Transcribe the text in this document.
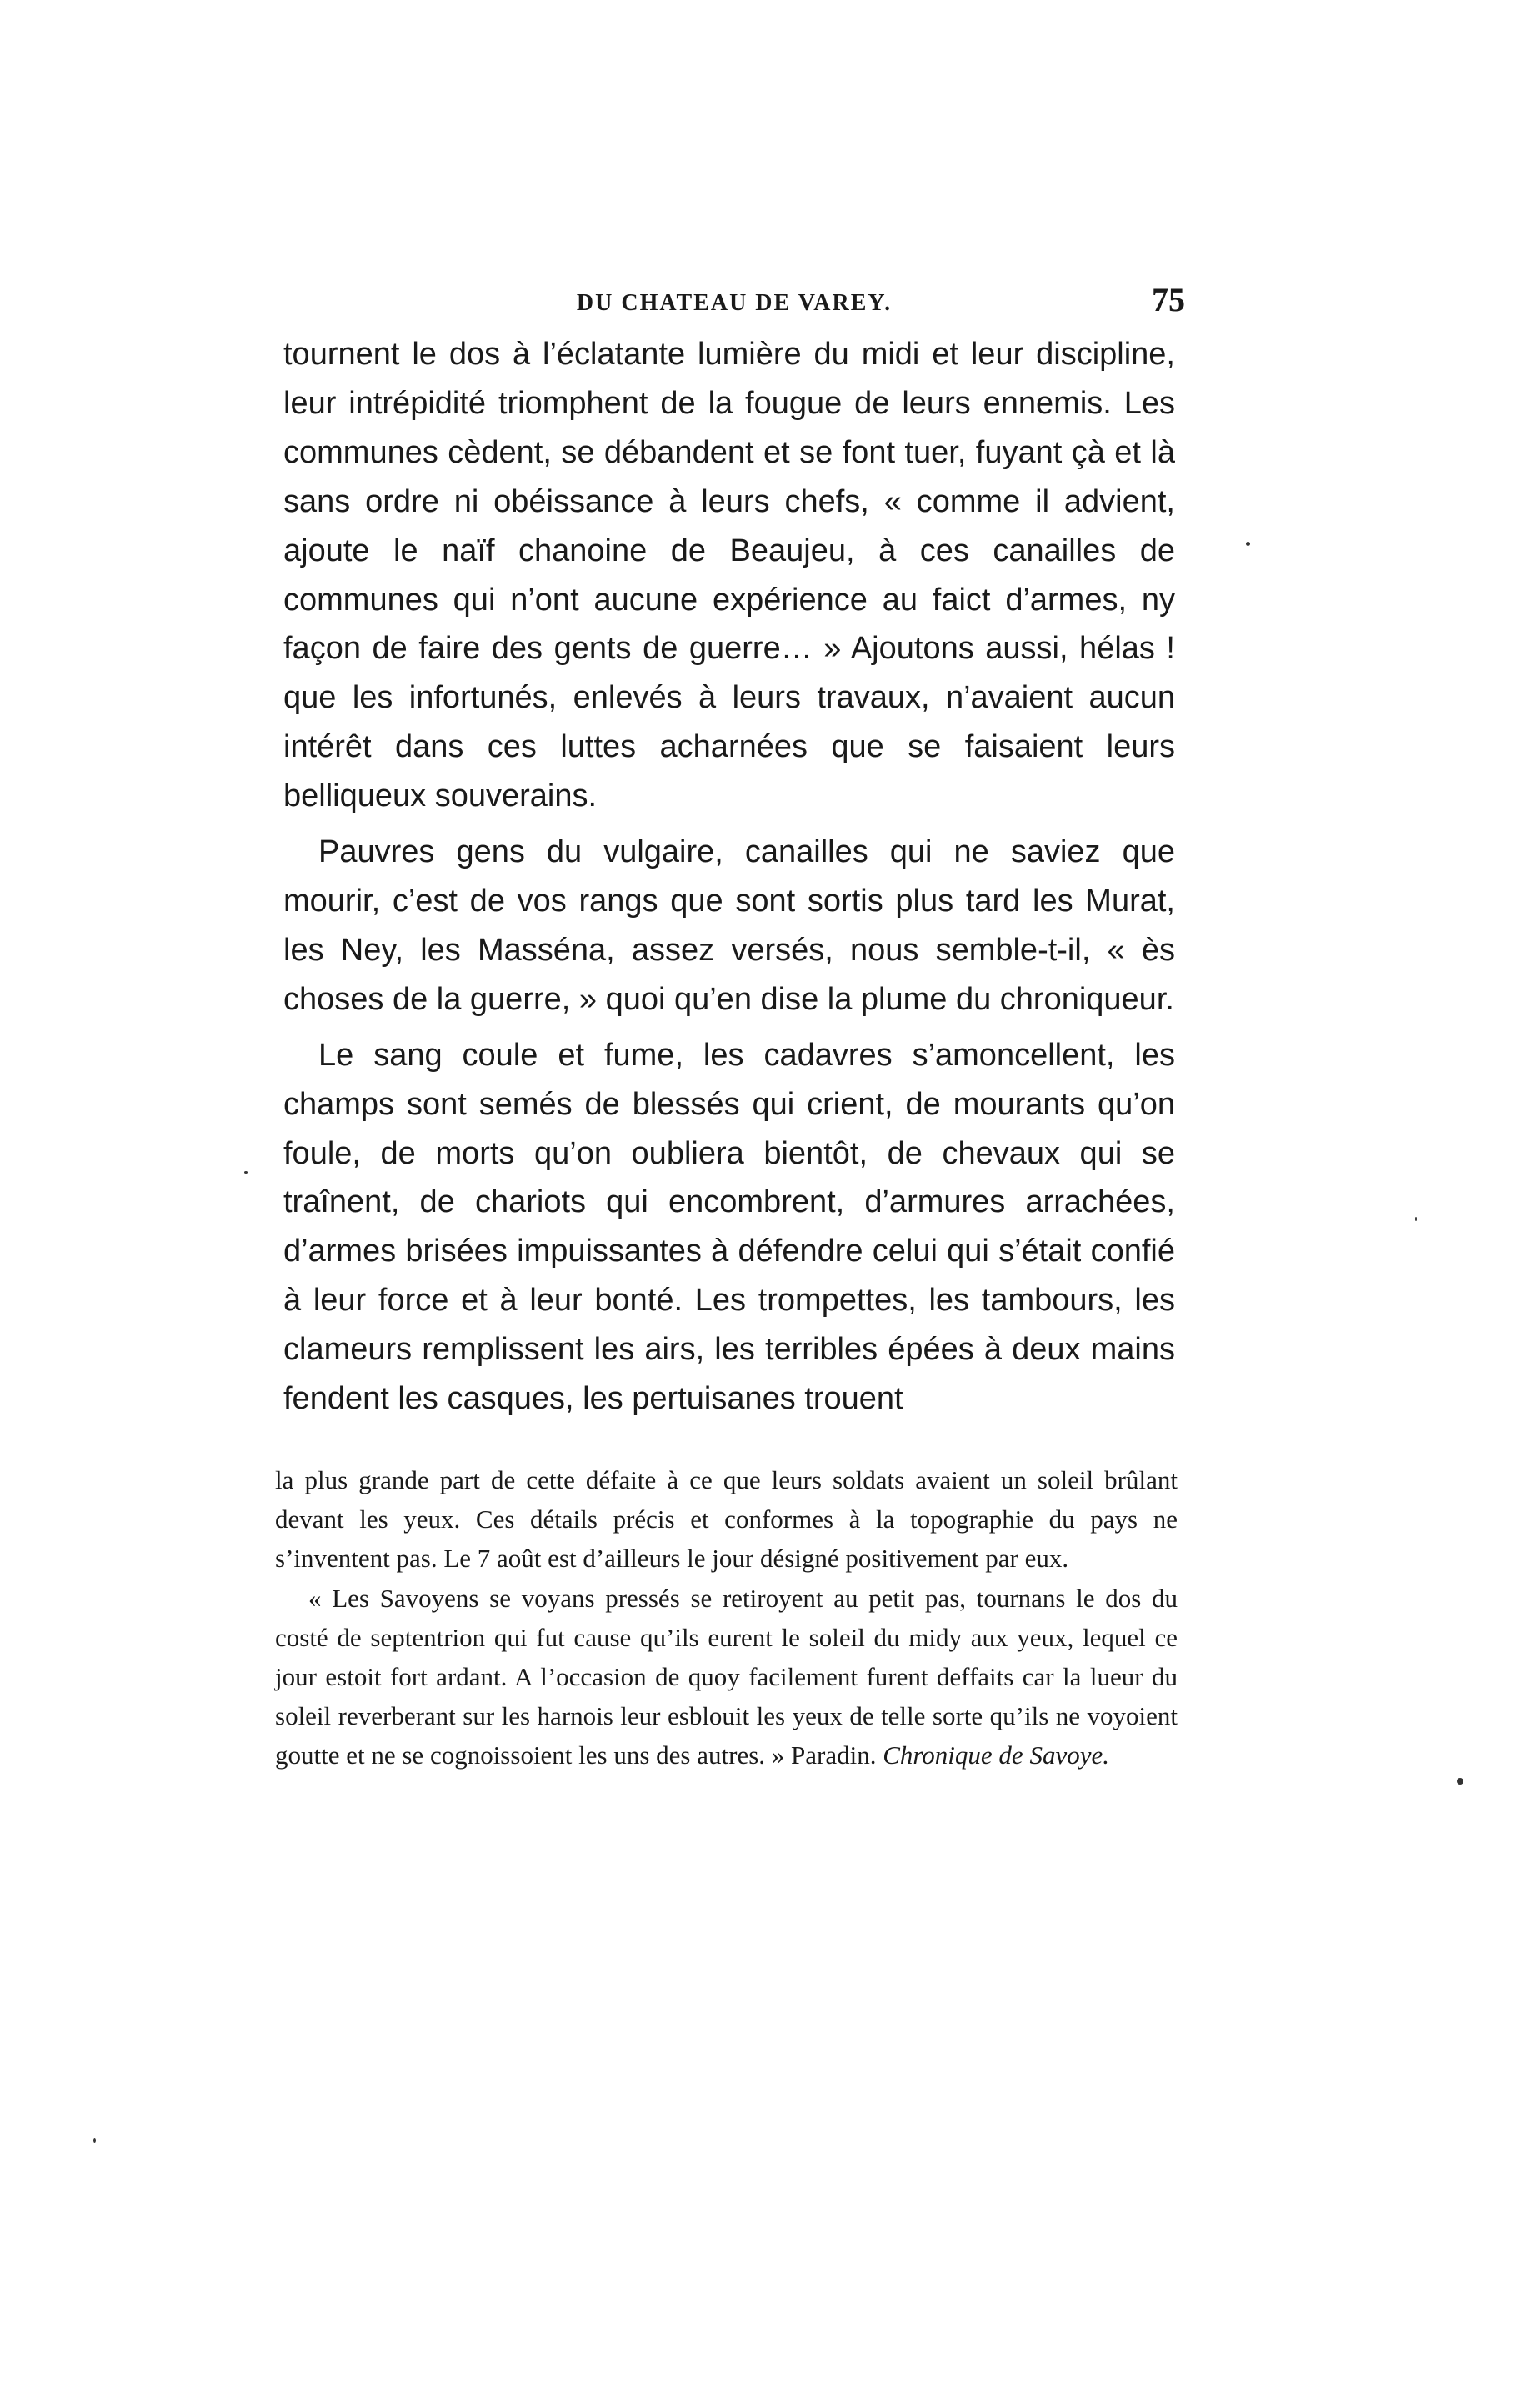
DU CHATEAU DE VAREY.	75

tournent le dos à l’éclatante lumière du midi et leur discipline, leur intrépidité triomphent de la fougue de leurs ennemis. Les communes cèdent, se débandent et se font tuer, fuyant çà et là sans ordre ni obéissance à leurs chefs, « comme il advient, ajoute le naïf chanoine de Beaujeu, à ces canailles de communes qui n’ont aucune expérience au faict d’armes, ny façon de faire des gents de guerre… » Ajoutons aussi, hélas ! que les infortunés, enlevés à leurs travaux, n’avaient aucun intérêt dans ces luttes acharnées que se faisaient leurs belliqueux souverains.

Pauvres gens du vulgaire, canailles qui ne saviez que mourir, c’est de vos rangs que sont sortis plus tard les Murat, les Ney, les Masséna, assez versés, nous semble-t-il, « ès choses de la guerre, » quoi qu’en dise la plume du chroniqueur.

Le sang coule et fume, les cadavres s’amoncellent, les champs sont semés de blessés qui crient, de mourants qu’on foule, de morts qu’on oubliera bientôt, de chevaux qui se traînent, de chariots qui encombrent, d’armures arrachées, d’armes brisées impuissantes à défendre celui qui s’était confié à leur force et à leur bonté. Les trompettes, les tambours, les clameurs remplissent les airs, les terribles épées à deux mains fendent les casques, les pertuisanes trouent

la plus grande part de cette défaite à ce que leurs soldats avaient un soleil brûlant devant les yeux. Ces détails précis et conformes à la topographie du pays ne s’inventent pas. Le 7 août est d’ailleurs le jour désigné positivement par eux.

« Les Savoyens se voyans pressés se retiroyent au petit pas, tournans le dos du costé de septentrion qui fut cause qu’ils eurent le soleil du midy aux yeux, lequel ce jour estoit fort ardant. A l’occasion de quoy facilement furent deffaits car la lueur du soleil reverberant sur les harnois leur esblouit les yeux de telle sorte qu’ils ne voyoient goutte et ne se cognoissoient les uns des autres. » Paradin. Chronique de Savoye.
